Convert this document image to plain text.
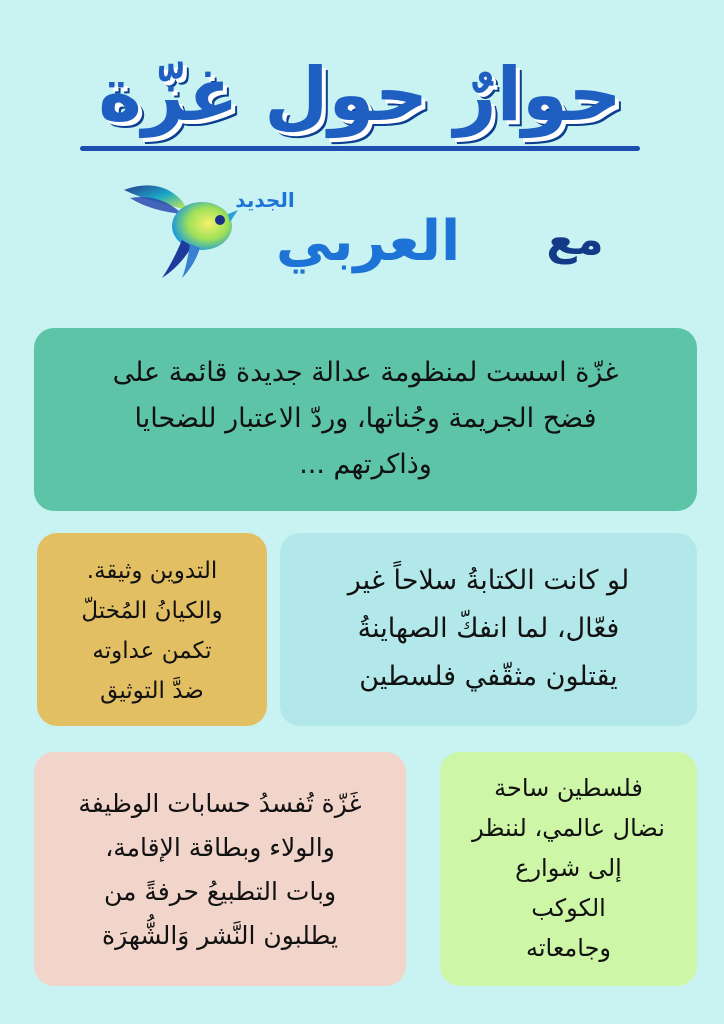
حوارٌ حول غزّة
الجديد
العربي	مع

غزّة اسست لمنظومة عدالة جديدة قائمة على

فضح الجريمة وجُناتها، وردّ الاعتبار للضحايا

وذاكرتهم ...

لو كانت الكتابةُ سلاحاً غير

فعّال، لما انفكّ الصهاينةُ

يقتلون مثقّفي فلسطين

التدوين وثيقة.

والكيانُ المُختلّ

تكمن عداوته

ضدَّ التوثيق

غَزّة تُفسدُ حسابات الوظيفة

والولاء وبطاقة الإقامة،

وبات التطبيعُ حرفةً من

يطلبون النَّشر وَالشُّهرَة

فلسطين ساحة

نضال عالمي، لننظر

إلى شوارع

الكوكب

وجامعاته
